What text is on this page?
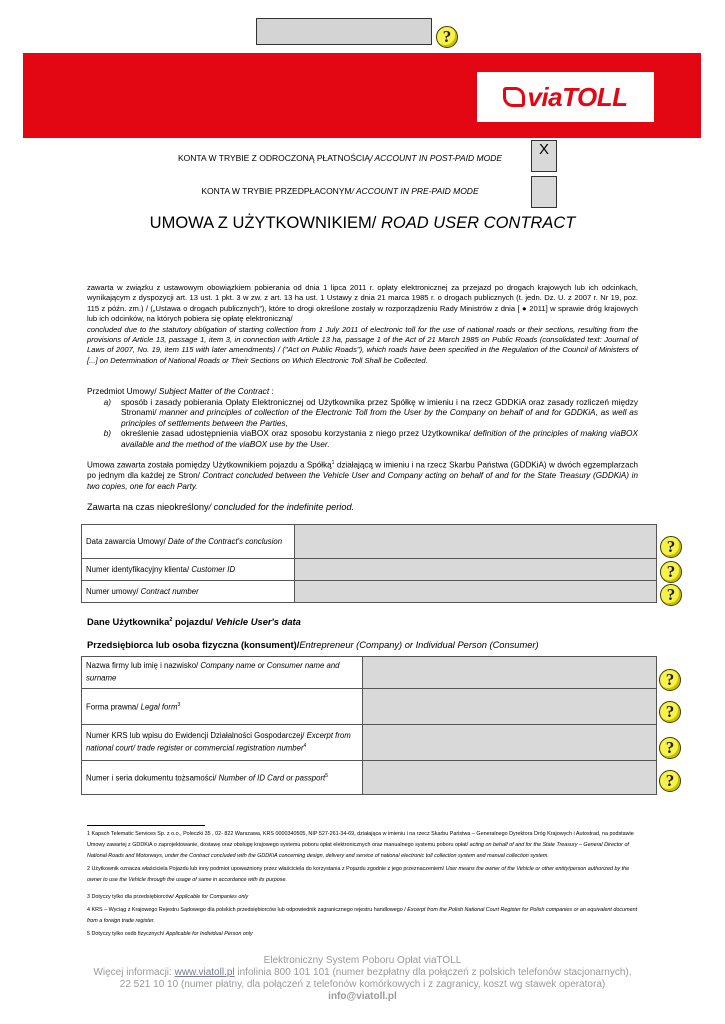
?
viaTOLL
KONTA W TRYBIE Z ODROCZONĄ PŁATNOŚCIĄ/ ACCOUNT IN POST-PAID MODE	X
KONTA W TRYBIE PRZEDPŁACONYM/ ACCOUNT IN PRE-PAID MODE
UMOWA Z UŻYTKOWNIKIEM/ ROAD USER CONTRACT
zawarta w związku z ustawowym obowiązkiem pobierania od dnia 1 lipca 2011 r. opłaty elektronicznej za przejazd po drogach krajowych lub ich odcinkach, wynikającym z dyspozycji art. 13 ust. 1 pkt. 3 w zw. z art. 13 ha ust. 1 Ustawy z dnia 21 marca 1985 r. o drogach publicznych (t. jedn. Dz. U. z 2007 r. Nr 19, poz. 115 z późn. zm.) / („Ustawa o drogach publicznych”), które to drogi określone zostały w rozporządzeniu Rady Ministrów z dnia [ ● 2011] w sprawie dróg krajowych lub ich odcinków, na których pobiera się opłatę elektroniczną/
concluded due to the statutory obligation of starting collection from 1 July 2011 of electronic toll for the use of national roads or their sections, resulting from the provisions of Article 13, passage 1, item 3, in connection with Article 13 ha, passage 1 of the Act of 21 March 1985 on Public Roads (consolidated text: Journal of Laws of 2007, No. 19, item 115 with later amendments) / ("Act on Public Roads"), which roads have been specified in the Regulation of the Council of Ministers of [...] on Determination of National Roads or Their Sections on Which Electronic Toll Shall be Collected.
Przedmiot Umowy/ Subject Matter of the Contract :
a)	sposób i zasady pobierania Opłaty Elektronicznej od Użytkownika przez Spółkę w imieniu i na rzecz GDDKiA oraz zasady rozliczeń między Stronami/ manner and principles of collection of the Electronic Toll from the User by the Company on behalf of and for GDDKiA, as well as principles of settlements between the Parties,
b)	określenie zasad udostępnienia viaBOX oraz sposobu korzystania z niego przez Użytkownika/ definition of the principles of making viaBOX available and the method of the viaBOX use by the User.
Umowa zawarta została pomiędzy Użytkownikiem pojazdu a Spółką$^1$ działającą w imieniu i na rzecz Skarbu Państwa (GDDKiA) w dwóch egzemplarzach po jednym dla każdej ze Stron/ Contract concluded between the Vehicle User and Company acting on behalf of and for the State Treasury (GDDKiA) in two copies, one for each Party.
Zawarta na czas nieokreślony/ concluded for the indefinite period.
Data zawarcia Umowy/ Date of the Contract's conclusion	
Numer identyfikacyjny klienta/ Customer ID	
Numer umowy/ Contract number	
?
?
?
Dane Użytkownika$^2$ pojazdu/ Vehicle User's data
Przedsiębiorca lub osoba fizyczna (konsument)/Entrepreneur (Company) or Individual Person (Consumer)
Nazwa firmy lub imię i nazwisko/ Company name or Consumer name and surname	
Forma prawna/ Legal form$^3$	
Numer KRS lub wpisu do Ewidencji Działalności Gospodarczej/ Excerpt from national court/ trade register or commercial registration number$^4$	
Numer i seria dokumentu tożsamości/ Number of ID Card or passport$^5$	
?
?
?
?
1 Kapsch Telematic Services Sp. z o.o., Poleczki 35 , 02- 822 Warszawa, KRS 0000340505, NIP 527-261-34-69, działająca w imieniu i na rzecz Skarbu Państwa – Generalnego Dyrektora Dróg Krajowych i Autostrad, na podstawie Umowy zawartej z GDDKiA o zaprojektowanie, dostawę oraz obsługę krajowego systemu poboru opłat elektronicznych oraz manualnego systemu poboru opłat/ acting on behalf of and for the State Treasury – General Director of National Roads and Motorways, under the Contract concluded with the GDDKiA concerning design, delivery and service of national electronic toll collection system and manual collection system.
2 Użytkownik oznacza właściciela Pojazdu lub inny podmiot upoważniony przez właściciela do korzystania z Pojazdu zgodnie z jego przeznaczeniem/ User means the owner of the Vehicle or other entity/person authorized by the owner to use the Vehicle through the usage of same in accordance with its purpose.
3 Dotyczy tylko dla przedsiębiorców/ Applicable for Companies only
4 KRS – Wyciąg z Krajowego Rejestru Sądowego dla polskich przedsiębiorców lub odpowiednik zagranicznego rejestru handlowego / Excerpt from the Polish National Court Register for Polish companies or an equivalent document from a foreign trade register.
5 Dotyczy tylko osób fizycznych/ Applicable for Individual Person only
Elektroniczny System Poboru Opłat viaTOLL
Więcej informacji: www.viatoll.pl infolinia 800 101 101 (numer bezpłatny dla połączeń z polskich telefonów stacjonarnych),
22 521 10 10 (numer płatny, dla połączeń z telefonów komórkowych i z zagranicy, koszt wg stawek operatora)
info@viatoll.pl
